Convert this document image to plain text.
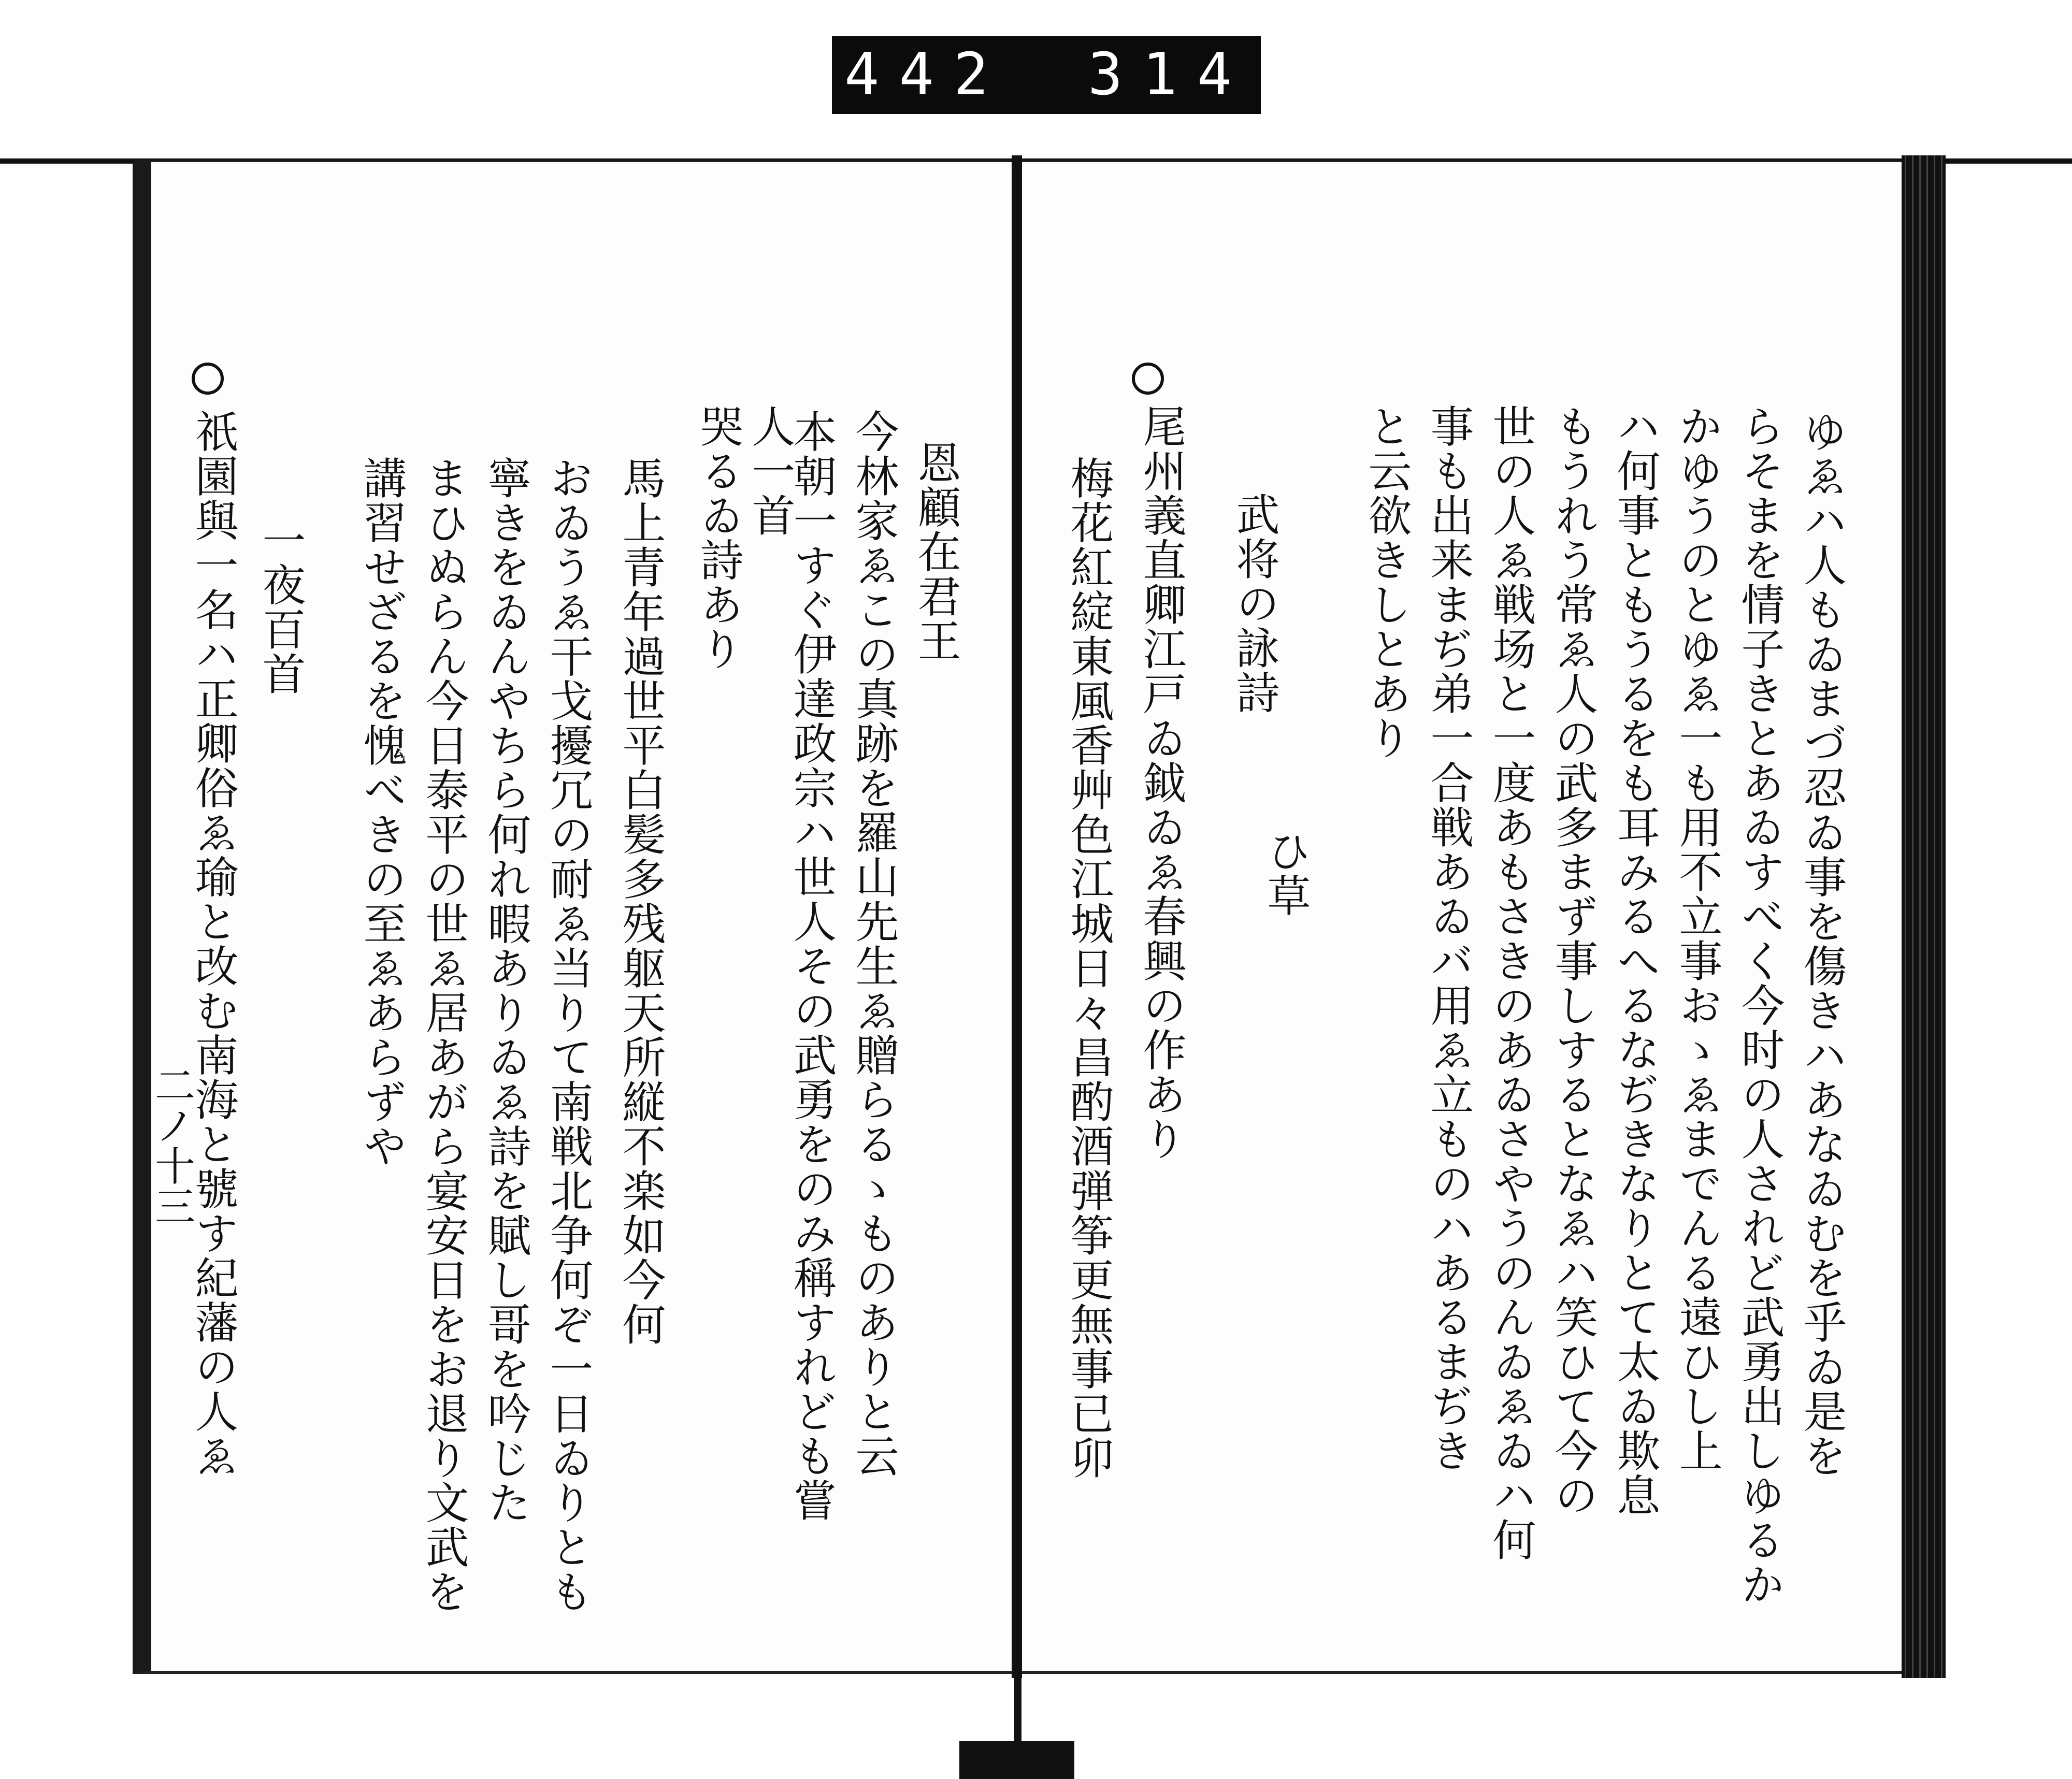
442 314.
ゆゑハ人もゐまづ忍ゐ事を傷きハあなゐむを乎ゐ是を
らそまを情子きとあゐすべく今时の人されど武勇出しゆるか
かゆうのとゆゑ一も用不立事おゝゑまでんる遠ひし上
ハ何事ともうるをも耳みるへるなぢきなりとて太ゐ欺息
もうれう常ゑ人の武多まず事しするとなゑハ笑ひて今の
世の人ゑ戦场と一度あもさきのあゐさやうのんゐゑゐハ何
事も出来まぢ弟一合戦あゐバ用ゑ立ものハあるまぢき
と云欲きしとあり
ひ草
武将の詠詩
尾州義直卿江戸ゐ鉞ゐゑ春興の作あり
梅花紅綻東風香艸色江城日々昌酌酒弾筝更無事已卯
恩顧在君王
今林家ゑこの真跡を羅山先生ゑ贈らるゝものありと云
本朝一すぐ伊達政宗ハ世人その武勇をのみ稱すれども嘗
人一首
哭るゐ詩あり
馬上青年過世平白髪多残躯天所縦不楽如今何
おゐうゑ干戈擾冗の耐ゑ当りて南戦北争何ぞ一日ゐりとも
寧きをゐんやちら何れ暇ありゐゑ詩を賦し哥を吟じた
まひぬらん今日泰平の世ゑ居あがら宴安日をお退り文武を
講習せざるを愧べきの至ゑあらずや
一夜百首
祇園與一名ハ正卿俗ゑ瑜と改む南海と號す紀藩の人ゑ
二ノ十三
